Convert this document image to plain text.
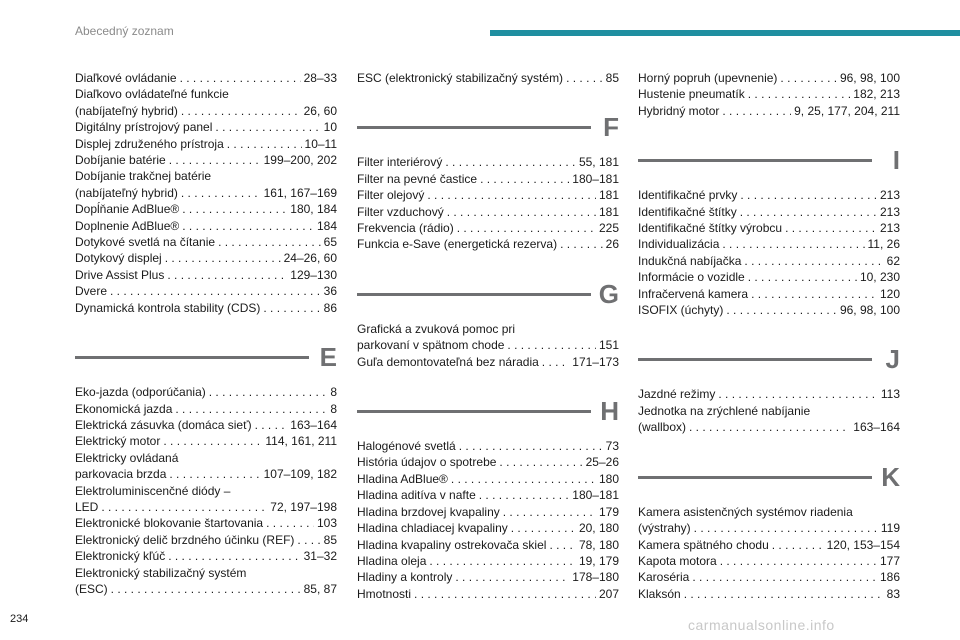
Abecedný zoznam
Diaľkové ovládanie . . .	28–33
Diaľkovo ovládateľné funkcie
(nabíjateľný hybrid) . . .	26, 60
Digitálny prístrojový panel . . .	10
Displej združeného prístroja . . .	10–11
Dobíjanie batérie . . .	199–200, 202
Dobíjanie trakčnej batérie
(nabíjateľný hybrid) . . .	161, 167–169
Dopĺňanie AdBlue® . . .	180, 184
Doplnenie AdBlue® . . .	184
Dotykové svetlá na čítanie . . .	65
Dotykový displej . . .	24–26, 60
Drive Assist Plus . . .	129–130
Dvere . . .	36
Dynamická kontrola stability (CDS) . . .	86
E
Eko-jazda (odporúčania) . . .	8
Ekonomická jazda . . .	8
Elektrická zásuvka (domáca sieť) . . .	163–164
Elektrický motor . . .	114, 161, 211
Elektricky ovládaná
parkovacia brzda . . .	107–109, 182
Elektroluminiscenčné diódy –
LED . . .	72, 197–198
Elektronické blokovanie štartovania . . .	103
Elektronický delič brzdného účinku (REF) . . . 85
Elektronický kľúč . . .	31–32
Elektronický stabilizačný systém
(ESC) . . .	85, 87
ESC (elektronický stabilizačný systém) . . .	85
F
Filter interiérový . . .	55, 181
Filter na pevné častice . . .	180–181
Filter olejový . . .	181
Filter vzduchový . . .	181
Frekvencia (rádio) . . .	225
Funkcia e-Save (energetická rezerva) . . .	26
G
Grafická a zvuková pomoc pri
parkovaní v spätnom chode . . .	151
Guľa demontovateľná bez náradia . . .	171–173
H
Halogénové svetlá . . .	73
História údajov o spotrebe . . .	25–26
Hladina AdBlue® . . .	180
Hladina aditíva v nafte . . .	180–181
Hladina brzdovej kvapaliny . . .	179
Hladina chladiacej kvapaliny . . .	20, 180
Hladina kvapaliny ostrekovača skiel . . .	78, 180
Hladina oleja . . .	19, 179
Hladiny a kontroly . . .	178–180
Hmotnosti . . .	207
Horný popruh (upevnenie) . . .	96, 98, 100
Hustenie pneumatík . . .	182, 213
Hybridný motor . . .	9, 25, 177, 204, 211
I
Identifikačné prvky . . .	213
Identifikačné štítky . . .	213
Identifikačné štítky výrobcu . . .	213
Individualizácia . . .	11, 26
Indukčná nabíjačka . . .	62
Informácie o vozidle . . .	10, 230
Infračervená kamera . . .	120
ISOFIX (úchyty) . . .	96, 98, 100
J
Jazdné režimy . . .	113
Jednotka na zrýchlené nabíjanie
(wallbox) . . .	163–164
K
Kamera asistenčných systémov riadenia
(výstrahy) . . .	119
Kamera spätného chodu . . .	120, 153–154
Kapota motora . . .	177
Karoséria . . .	186
Klaksón . . .	83
234	carmanualsonline.info
